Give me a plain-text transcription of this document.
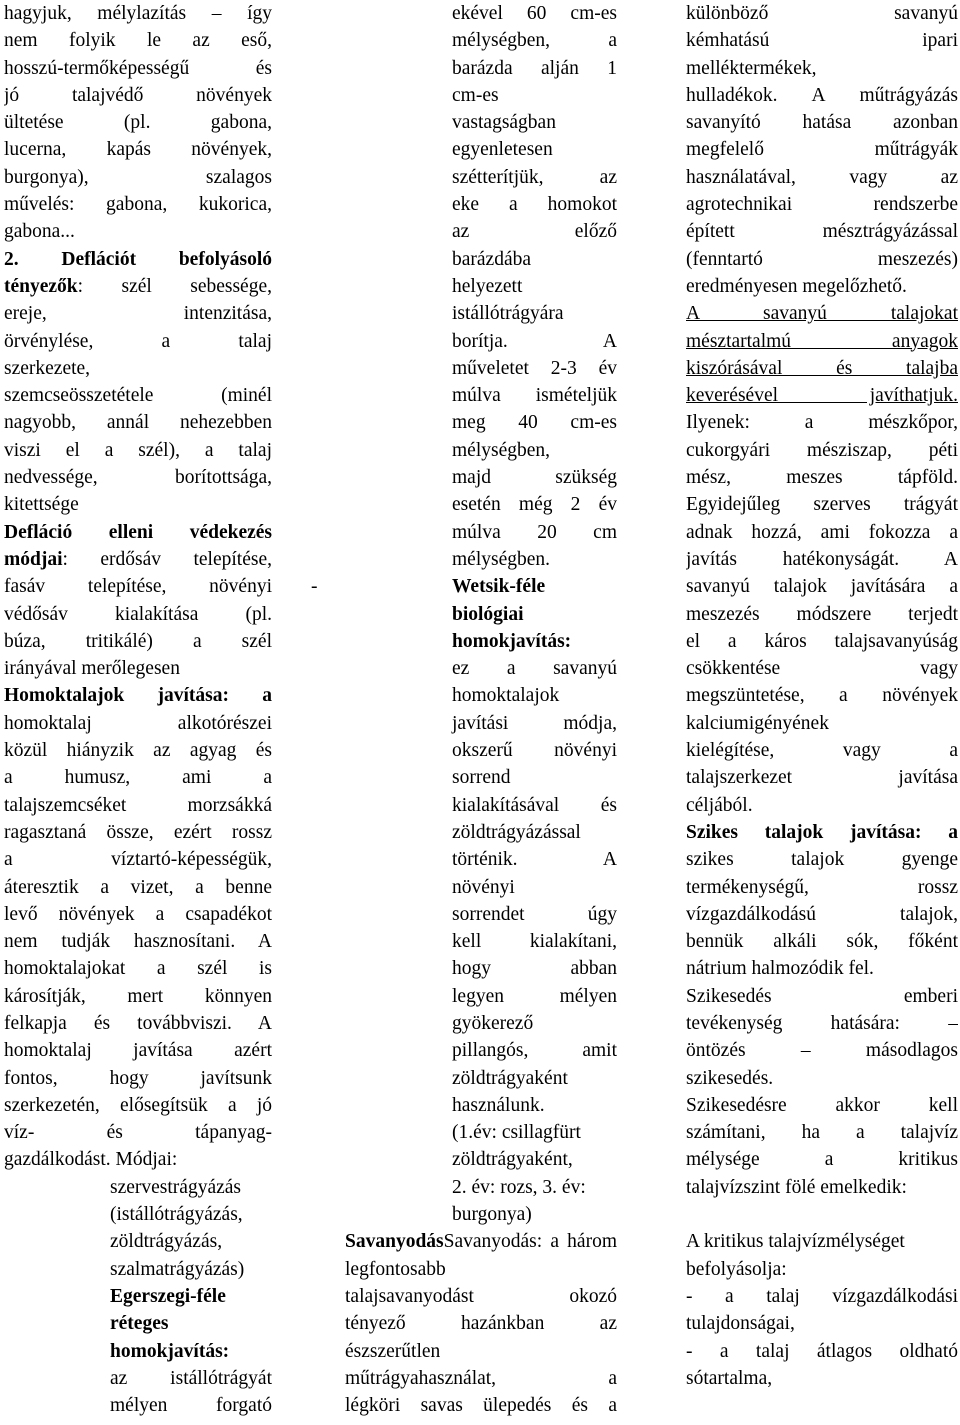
hagyjuk, mélylazítás – így
nem folyik le az eső,
hosszú-termőképességű és
jó talajvédő növények
ültetése (pl. gabona,
lucerna, kapás növények,
burgonya), szalagos
művelés: gabona, kukorica,
gabona...
2. Deflációt befolyásoló
tényezők: szél sebessége,
ereje, intenzitása,
örvénylése, a talaj
szerkezete,
szemcseösszetétele (minél
nagyobb, annál nehezebben
viszi el a szél), a talaj
nedvessége, borítottsága,
kitettsége
Defláció elleni védekezés
módjai: erdősáv telepítése,
fasáv telepítése, növényi
védősáv kialakítása (pl.
búza, tritikálé) a szél
irányával merőlegesen
Homoktalajok javítása: a
homoktalaj alkotórészei
közül hiányzik az agyag és
a humusz, ami a
talajszemcséket morzsákká
ragasztaná össze, ezért rossz
a víztartó-képességük,
áteresztik a vizet, a benne
levő növények a csapadékot
nem tudják hasznosítani. A
homoktalajokat a szél is
károsítják, mert könnyen
felkapja és továbbviszi. A
homoktalaj javítása azért
fontos, hogy javítsunk
szerkezetén, elősegítsük a jó
víz- és tápanyag-
gazdálkodást. Módjai:
szervestrágyázás
(istállótrágyázás,
zöldtrágyázás,
szalmatrágyázás)
Egerszegi-féle
réteges
homokjavítás:
az istállótrágyát
mélyen forgató
ekével 60 cm-es
mélységben, a
barázda alján 1
cm-es
vastagságban
egyenletesen
szétterítjük, az
eke a homokot
az előző
barázdába
helyezett
istállótrágyára
borítja. A
műveletet 2-3 év
múlva ismételjük
meg 40 cm-es
mélységben,
majd szükség
esetén még 2 év
múlva 20 cm
mélységben.
-	Wetsik-féle
biológiai
homokjavítás:
ez a savanyú
homoktalajok
javítási módja,
okszerű növényi
sorrend
kialakításával és
zöldtrágyázással
történik. A
növényi
sorrendet úgy
kell kialakítani,
hogy abban
legyen mélyen
gyökerező
pillangós, amit
zöldtrágyaként
használunk.
(1.év: csillagfürt
zöldtrágyaként,
2. év: rozs, 3. év:
burgonya)
SavanyodásSavanyodás: a három
legfontosabb
talajsavanyodást okozó
tényező hazánkban az
észszerűtlen
műtrágyahasználat, a
légköri savas ülepedés és a
különböző savanyú
kémhatású ipari
melléktermékek,
hulladékok. A műtrágyázás
savanyító hatása azonban
megfelelő műtrágyák
használatával, vagy az
agrotechnikai rendszerbe
épített mésztrágyázással
(fenntartó meszezés)
eredményesen megelőzhető.
A savanyú talajokat
mésztartalmú anyagok
kiszórásával és talajba
keverésével javíthatjuk.
Ilyenek: a mészkőpor,
cukorgyári mésziszap, péti
mész, meszes tápföld.
Egyidejűleg szerves trágyát
adnak hozzá, ami fokozza a
javítás hatékonyságát. A
savanyú talajok javítására a
meszezés módszere terjedt
el a káros talajsavanyúság
csökkentése vagy
megszüntetése, a növények
kalciumigényének
kielégítése, vagy a
talajszerkezet javítása
céljából.
Szikes talajok javítása: a
szikes talajok gyenge
termékenységű, rossz
vízgazdálkodású talajok,
bennük alkáli sók, főként
nátrium halmozódik fel.
Szikesedés emberi
tevékenység hatására: –
öntözés – másodlagos
szikesedés.
Szikesedésre akkor kell
számítani, ha a talajvíz
mélysége a kritikus
talajvízszint fölé emelkedik:
A kritikus talajvízmélységet
befolyásolja:
- a talaj vízgazdálkodási
tulajdonságai,
- a talaj átlagos oldható
sótartalma,
